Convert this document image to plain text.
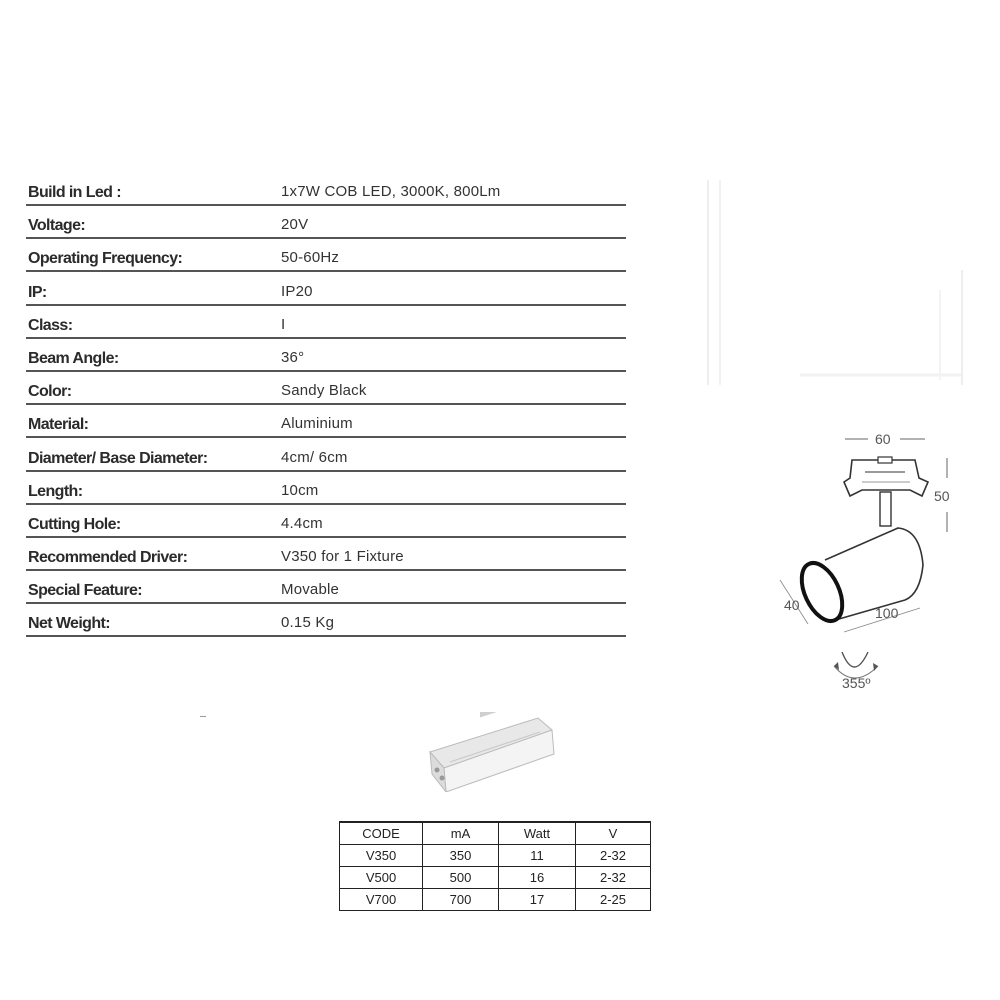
Build in Led :	1x7W COB LED, 3000K, 800Lm
Voltage:	20V
Operating Frequency:	50-60Hz
IP:	IP20
Class:	I
Beam Angle:	36°
Color:	Sandy Black
Material:	Aluminium
Diameter/ Base Diameter:	4cm/ 6cm
Length:	10cm
Cutting Hole:	4.4cm
Recommended Driver:	V350 for 1 Fixture
Special Feature:	Movable
Net Weight:	0.15 Kg
60
50
40	100
355º
CODE	mA	Watt	V
V350	350	11	2-32
V500	500	16	2-32
V700	700	17	2-25
